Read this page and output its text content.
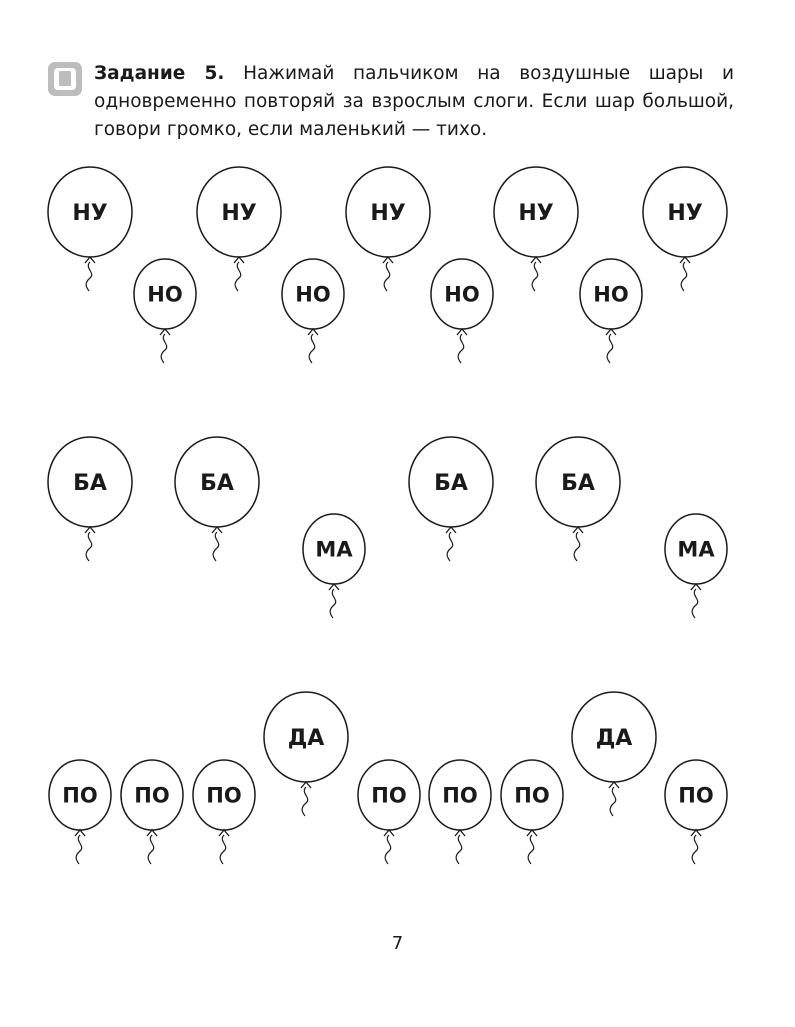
Задание 5. Нажимай пальчиком на воздушные шары и одновременно повторяй за взрослым слоги. Если шар большой, говори громко, если маленький — тихо.
НУ
НО
НУ
НО
НУ
НО
НУ
НО
НУ
БА	БА
МА
БА	БА
МА
ПО ПО ПО
ДА
ПО ПО ПО
ДА
ПО
7
